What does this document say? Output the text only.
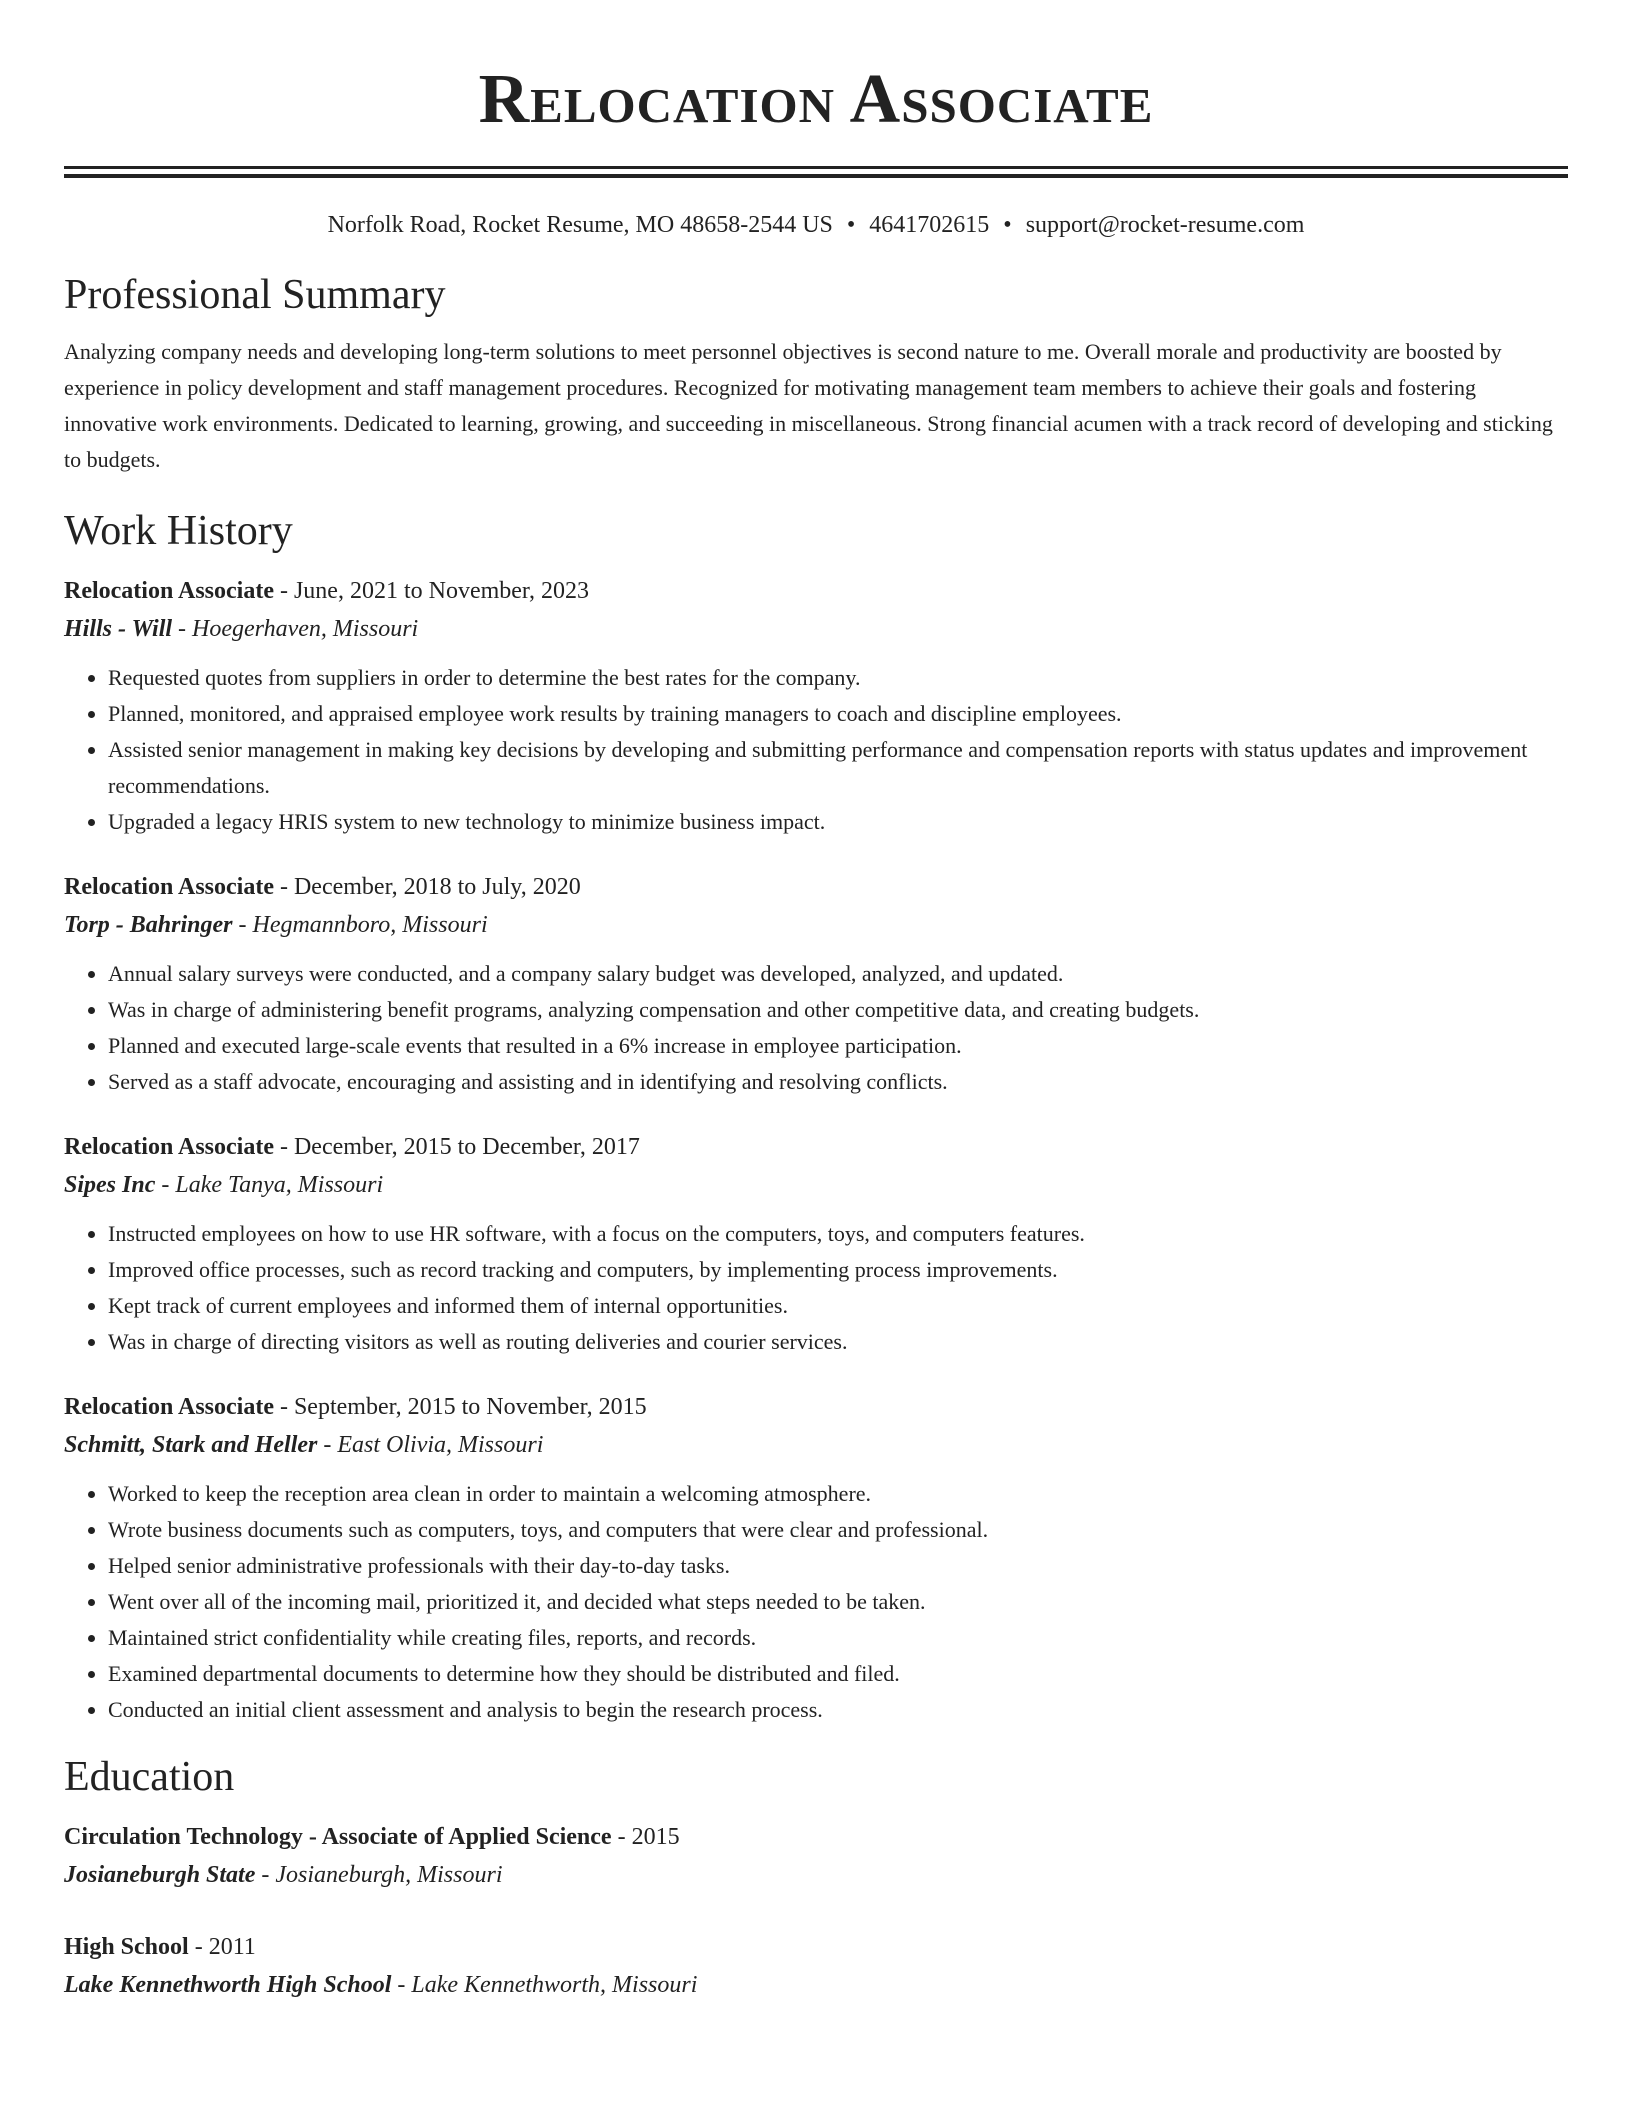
Relocation Associate
Norfolk Road, Rocket Resume, MO 48658-2544 US • 4641702615 • support@rocket-resume.com
Professional Summary
Analyzing company needs and developing long-term solutions to meet personnel objectives is second nature to me. Overall morale and productivity are boosted by experience in policy development and staff management procedures. Recognized for motivating management team members to achieve their goals and fostering innovative work environments. Dedicated to learning, growing, and succeeding in miscellaneous. Strong financial acumen with a track record of developing and sticking to budgets.
Work History
Relocation Associate - June, 2021 to November, 2023
Hills - Will - Hoegerhaven, Missouri
• Requested quotes from suppliers in order to determine the best rates for the company.
• Planned, monitored, and appraised employee work results by training managers to coach and discipline employees.
• Assisted senior management in making key decisions by developing and submitting performance and compensation reports with status updates and improvement recommendations.
• Upgraded a legacy HRIS system to new technology to minimize business impact.
Relocation Associate - December, 2018 to July, 2020
Torp - Bahringer - Hegmannboro, Missouri
• Annual salary surveys were conducted, and a company salary budget was developed, analyzed, and updated.
• Was in charge of administering benefit programs, analyzing compensation and other competitive data, and creating budgets.
• Planned and executed large-scale events that resulted in a 6% increase in employee participation.
• Served as a staff advocate, encouraging and assisting and in identifying and resolving conflicts.
Relocation Associate - December, 2015 to December, 2017
Sipes Inc - Lake Tanya, Missouri
• Instructed employees on how to use HR software, with a focus on the computers, toys, and computers features.
• Improved office processes, such as record tracking and computers, by implementing process improvements.
• Kept track of current employees and informed them of internal opportunities.
• Was in charge of directing visitors as well as routing deliveries and courier services.
Relocation Associate - September, 2015 to November, 2015
Schmitt, Stark and Heller - East Olivia, Missouri
• Worked to keep the reception area clean in order to maintain a welcoming atmosphere.
• Wrote business documents such as computers, toys, and computers that were clear and professional.
• Helped senior administrative professionals with their day-to-day tasks.
• Went over all of the incoming mail, prioritized it, and decided what steps needed to be taken.
• Maintained strict confidentiality while creating files, reports, and records.
• Examined departmental documents to determine how they should be distributed and filed.
• Conducted an initial client assessment and analysis to begin the research process.
Education
Circulation Technology - Associate of Applied Science - 2015
Josianeburgh State - Josianeburgh, Missouri
High School - 2011
Lake Kennethworth High School - Lake Kennethworth, Missouri
